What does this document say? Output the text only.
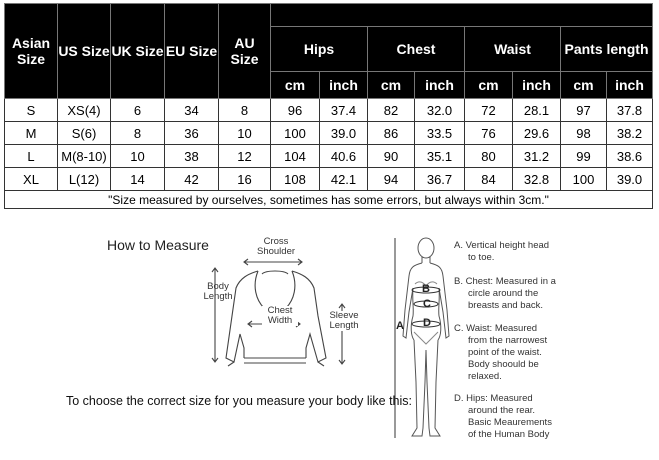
Asian Size	US Size	UK Size	EU Size	AU Size								
					Hips		Chest		Waist		Pants length	
					cm	inch	cm	inch	cm	inch	cm	inch
S	XS(4)	6	34	8	96	37.4	82	32.0	72	28.1	97	37.8
M	S(6)	8	36	10	100	39.0	86	33.5	76	29.6	98	38.2
L	M(8-10)	10	38	12	104	40.6	90	35.1	80	31.2	99	38.6
XL	L(12)	14	42	16	108	42.1	94	36.7	84	32.8	100	39.0
"Size measured by ourselves, sometimes has some errors, but always within 3cm."												
How to Measure	Cross
Shoulder
Body
Length
Chest
Width	Sleeve
Length
To choose the correct size for you measure your body like this:
B
C
D
A
A. Vertical height head
to toe.
B. Chest: Measured in a
circle around the
breasts and back.
C. Waist: Measured
from the narrowest
point of the waist.
Body shoould be
relaxed.
D. Hips: Measured
around the rear.
Basic Meaurements
of the Human Body
